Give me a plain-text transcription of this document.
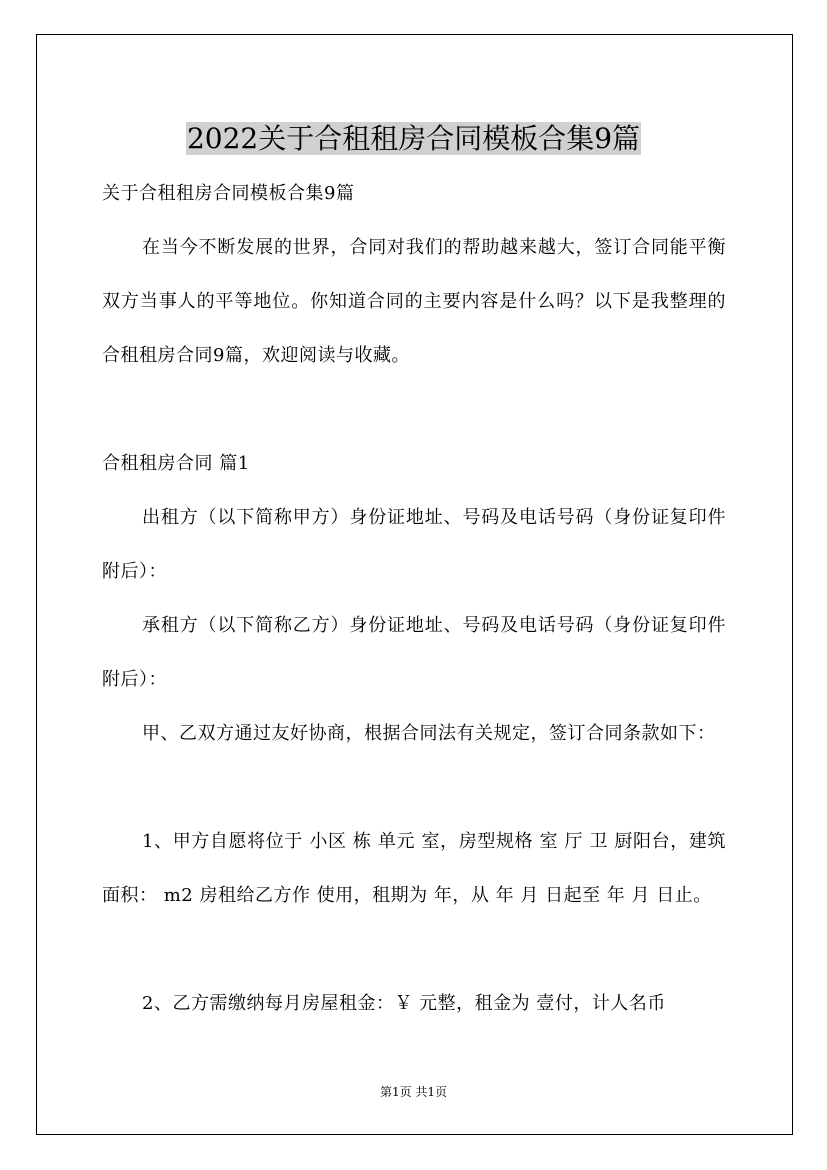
2022关于合租租房合同模板合集9篇

关于合租租房合同模板合集9篇

在当今不断发展的世界，合同对我们的帮助越来越大，签订合同能平衡双方当事人的平等地位。你知道合同的主要内容是什么吗？以下是我整理的合租租房合同9篇，欢迎阅读与收藏。

合租租房合同 篇1

出租方（以下简称甲方）身份证地址、号码及电话号码（身份证复印件附后）：

承租方（以下简称乙方）身份证地址、号码及电话号码（身份证复印件附后）：

甲、乙双方通过友好协商，根据合同法有关规定，签订合同条款如下：

1、甲方自愿将位于 小区 栋 单元 室，房型规格 室 厅 卫 厨阳台，建筑面积： m2 房租给乙方作 使用，租期为 年，从 年 月 日起至 年 月 日止。

2、乙方需缴纳每月房屋租金：￥ 元整，租金为 壹付，计人名币

第1页 共1页
